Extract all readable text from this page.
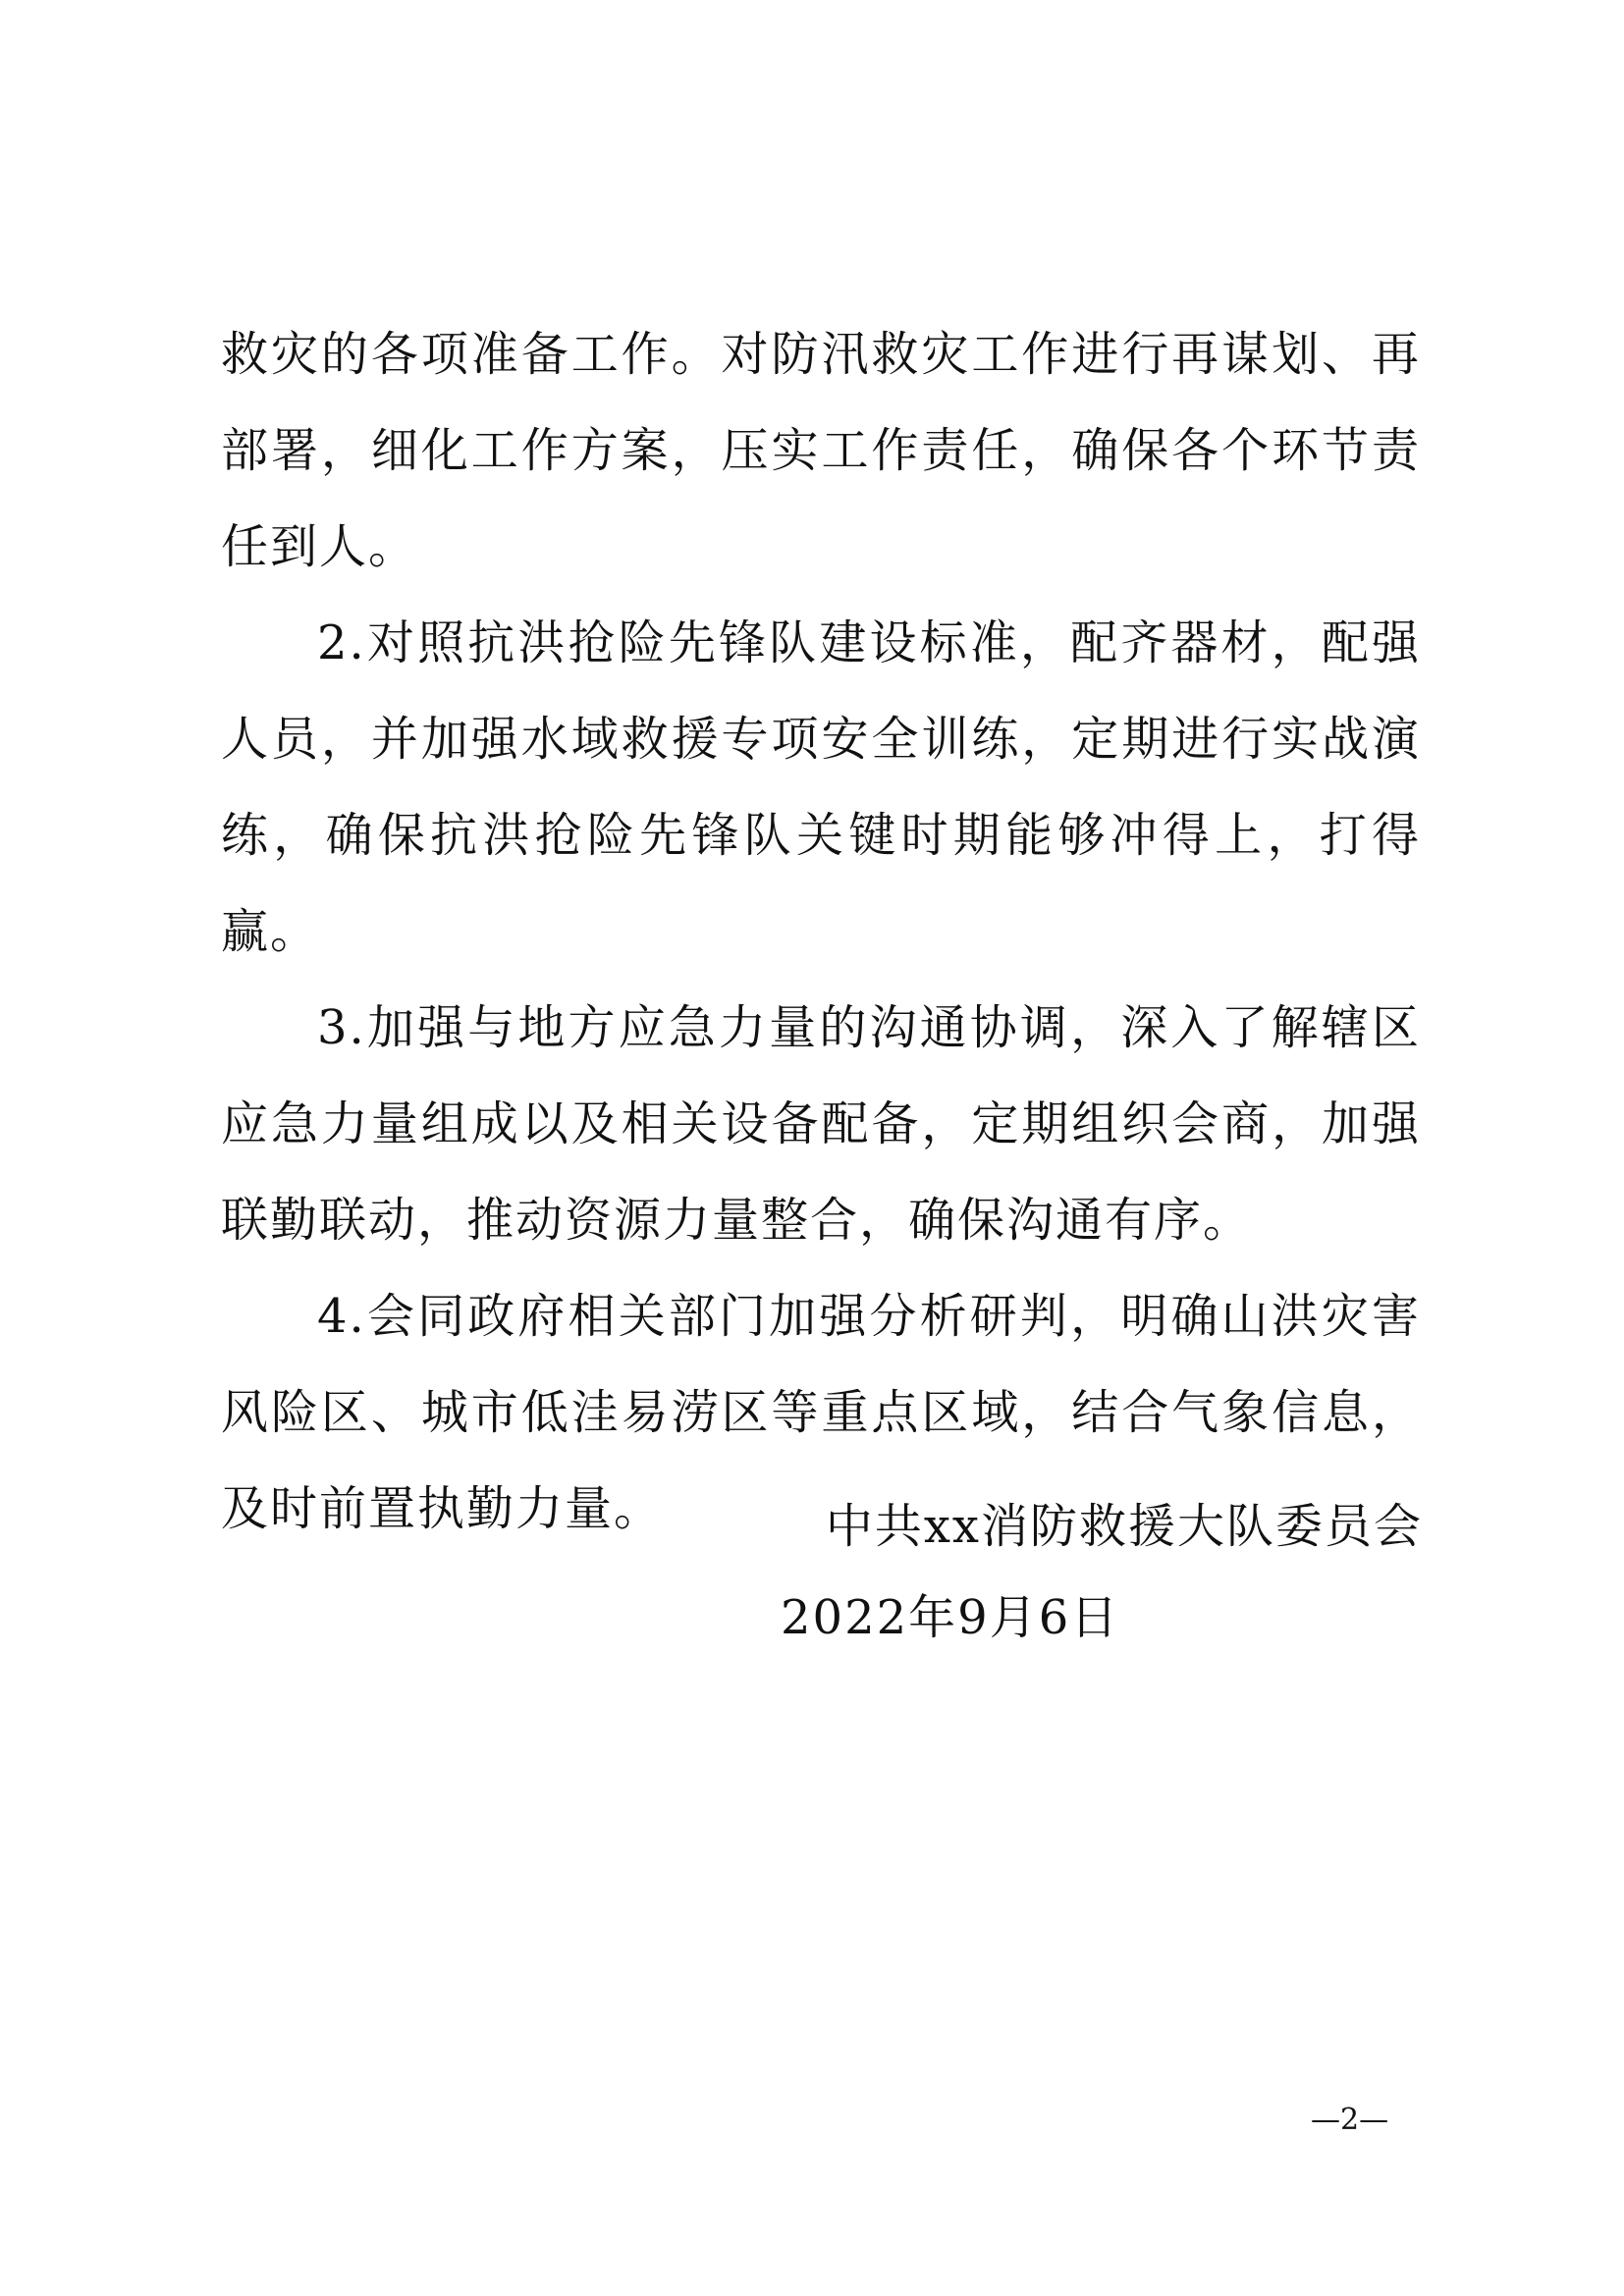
救灾的各项准备工作。对防汛救灾工作进行再谋划、再部署，细化工作方案，压实工作责任，确保各个环节责任到人。

2.对照抗洪抢险先锋队建设标准，配齐器材，配强人员，并加强水域救援专项安全训练，定期进行实战演练，确保抗洪抢险先锋队关键时期能够冲得上，打得赢。

3.加强与地方应急力量的沟通协调，深入了解辖区应急力量组成以及相关设备配备，定期组织会商，加强联勤联动，推动资源力量整合，确保沟通有序。

4.会同政府相关部门加强分析研判，明确山洪灾害风险区、城市低洼易涝区等重点区域，结合气象信息，及时前置执勤力量。	中共xx消防救援大队委员会
2022年9月6日
—2—
